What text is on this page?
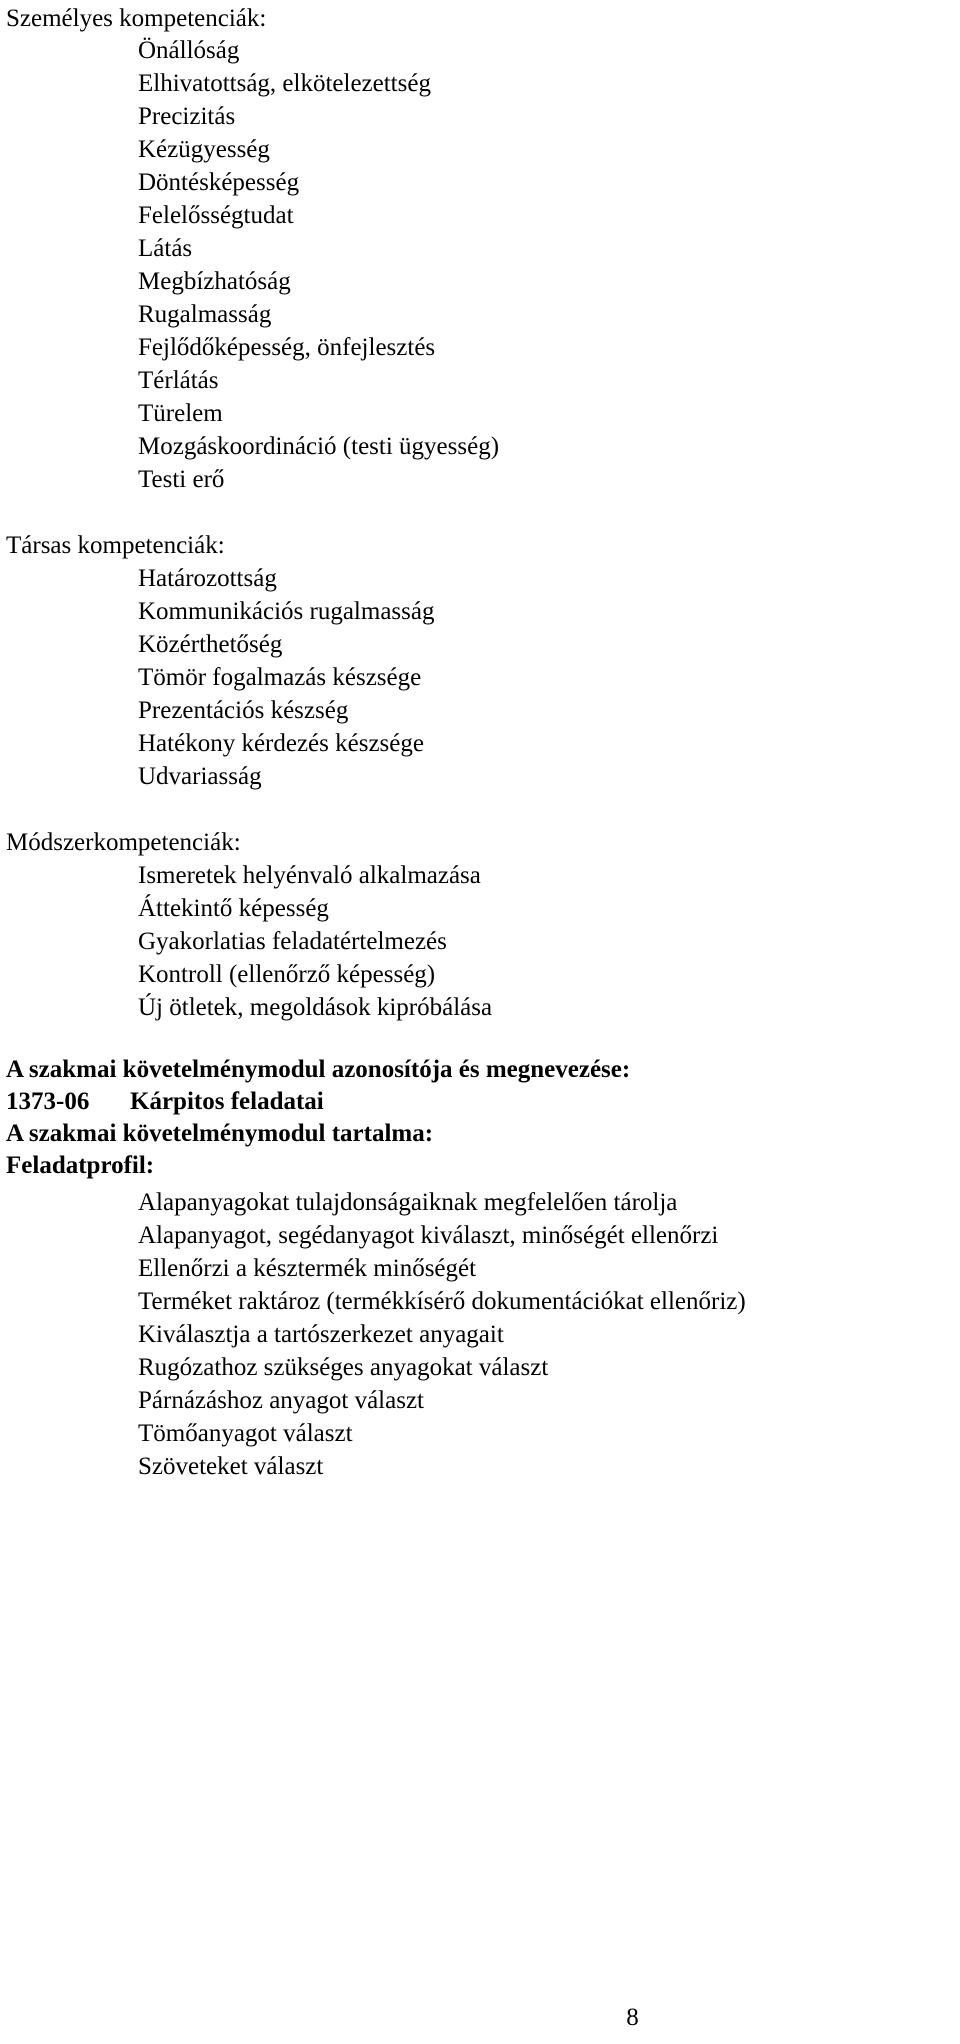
Személyes kompetenciák:

Önállóság

Elhivatottság, elkötelezettség

Precizitás

Kézügyesség

Döntésképesség

Felelősségtudat

Látás

Megbízhatóság

Rugalmasság

Fejlődőképesség, önfejlesztés

Térlátás

Türelem

Mozgáskoordináció (testi ügyesség)

Testi erő

Társas kompetenciák:

Határozottság

Kommunikációs rugalmasság

Közérthetőség

Tömör fogalmazás készsége

Prezentációs készség

Hatékony kérdezés készsége

Udvariasság

Módszerkompetenciák:

Ismeretek helyénvaló alkalmazása

Áttekintő képesség

Gyakorlatias feladatértelmezés

Kontroll (ellenőrző képesség)

Új ötletek, megoldások kipróbálása

A szakmai követelménymodul azonosítója és megnevezése:

1373-06 Kárpitos feladatai

A szakmai követelménymodul tartalma:

Feladatprofil:

Alapanyagokat tulajdonságaiknak megfelelően tárolja

Alapanyagot, segédanyagot kiválaszt, minőségét ellenőrzi

Ellenőrzi a késztermék minőségét

Terméket raktároz (termékkísérő dokumentációkat ellenőriz)

Kiválasztja a tartószerkezet anyagait

Rugózathoz szükséges anyagokat választ

Párnázáshoz anyagot választ

Tömőanyagot választ

Szöveteket választ

8
